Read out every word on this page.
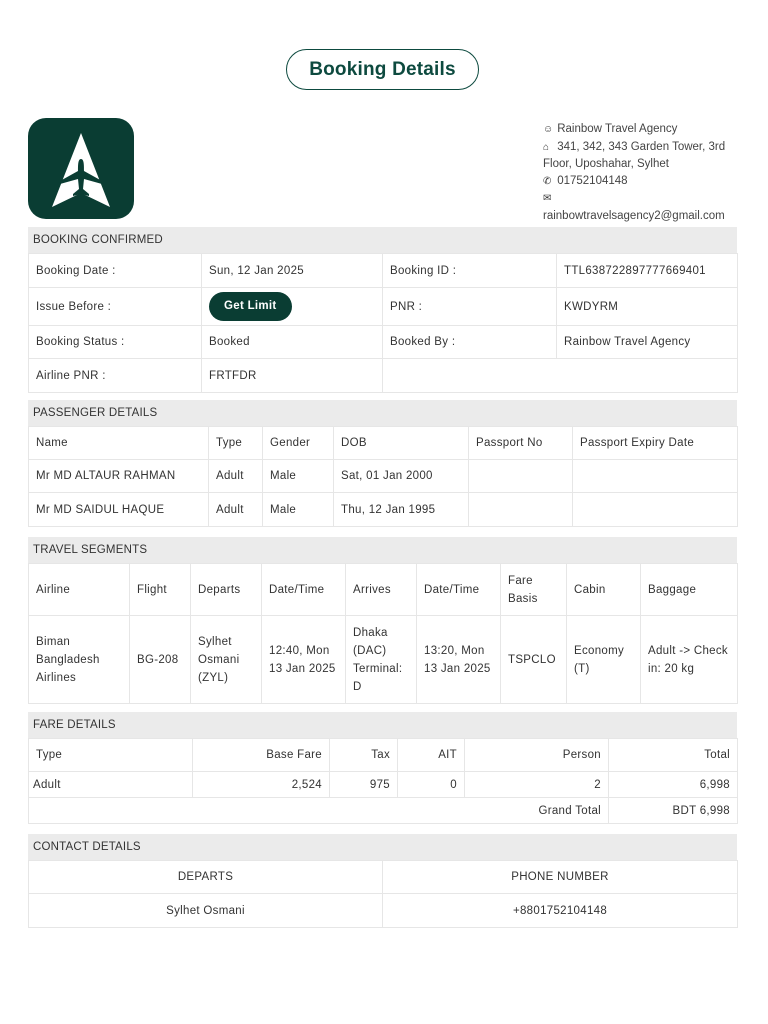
Booking Details
☺ Rainbow Travel Agency
⌂ 341, 342, 343 Garden Tower, 3rd Floor, Uposhahar, Sylhet
✆ 01752104148
✉
rainbowtravelsagency2@gmail.com
BOOKING CONFIRMED
Booking Date :	Sun, 12 Jan 2025	Booking ID :	TTL638722897777669401
Issue Before :	Get Limit	PNR :	KWDYRM
Booking Status :	Booked	Booked By :	Rainbow Travel Agency
Airline PNR :	FRTFDR		
PASSENGER DETAILS
Name	Type	Gender	DOB	Passport No	Passport Expiry Date
Mr MD ALTAUR RAHMAN	Adult	Male	Sat, 01 Jan 2000		
Mr MD SAIDUL HAQUE	Adult	Male	Thu, 12 Jan 1995		
TRAVEL SEGMENTS
Airline	Flight	Departs	Date/Time	Arrives	Date/Time	Fare Basis	Cabin	Baggage
Biman Bangladesh Airlines	BG-208	Sylhet Osmani (ZYL)	12:40, Mon 13 Jan 2025	Dhaka (DAC) Terminal: D	13:20, Mon 13 Jan 2025	TSPCLO	Economy (T)	Adult -> Check in: 20 kg
FARE DETAILS
Type	Base Fare	Tax	AIT	Person	Total
Adult	2,524	975	0	2	6,998
Grand Total					BDT 6,998
CONTACT DETAILS
DEPARTS	PHONE NUMBER
Sylhet Osmani	+8801752104148
